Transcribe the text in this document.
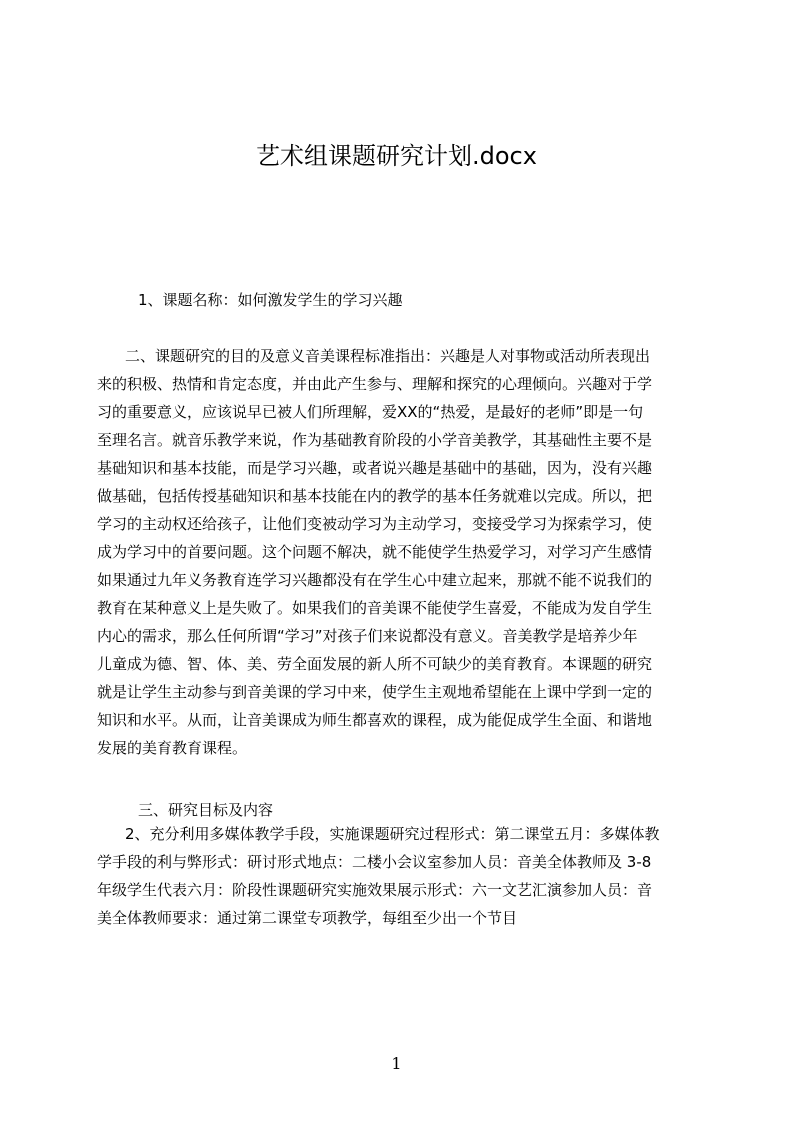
艺术组课题研究计划.docx

1、课题名称：如何激发学生的学习兴趣

二、课题研究的目的及意义音美课程标准指出：兴趣是人对事物或活动所表现出
来的积极、热情和肯定态度，并由此产生参与、理解和探究的心理倾向。兴趣对于学
习的重要意义，应该说早已被人们所理解，爱XX的“热爱，是最好的老师”即是一句
至理名言。就音乐教学来说，作为基础教育阶段的小学音美教学，其基础性主要不是
基础知识和基本技能，而是学习兴趣，或者说兴趣是基础中的基础，因为，没有兴趣
做基础，包括传授基础知识和基本技能在内的教学的基本任务就难以完成。所以，把
学习的主动权还给孩子，让他们变被动学习为主动学习，变接受学习为探索学习，使
成为学习中的首要问题。这个问题不解决，就不能使学生热爱学习，对学习产生感情
如果通过九年义务教育连学习兴趣都没有在学生心中建立起来，那就不能不说我们的
教育在某种意义上是失败了。如果我们的音美课不能使学生喜爱，不能成为发自学生
内心的需求，那么任何所谓“学习”对孩子们来说都没有意义。音美教学是培养少年
儿童成为德、智、体、美、劳全面发展的新人所不可缺少的美育教育。本课题的研究
就是让学生主动参与到音美课的学习中来，使学生主观地希望能在上课中学到一定的
知识和水平。从而，让音美课成为师生都喜欢的课程，成为能促成学生全面、和谐地
发展的美育教育课程。

三、研究目标及内容

2、充分利用多媒体教学手段，实施课题研究过程形式：第二课堂五月：多媒体教
学手段的利与弊形式：研讨形式地点：二楼小会议室参加人员：音美全体教师及 3-8
年级学生代表六月：阶段性课题研究实施效果展示形式：六一文艺汇演参加人员：音
美全体教师要求：通过第二课堂专项教学，每组至少出一个节目
1
